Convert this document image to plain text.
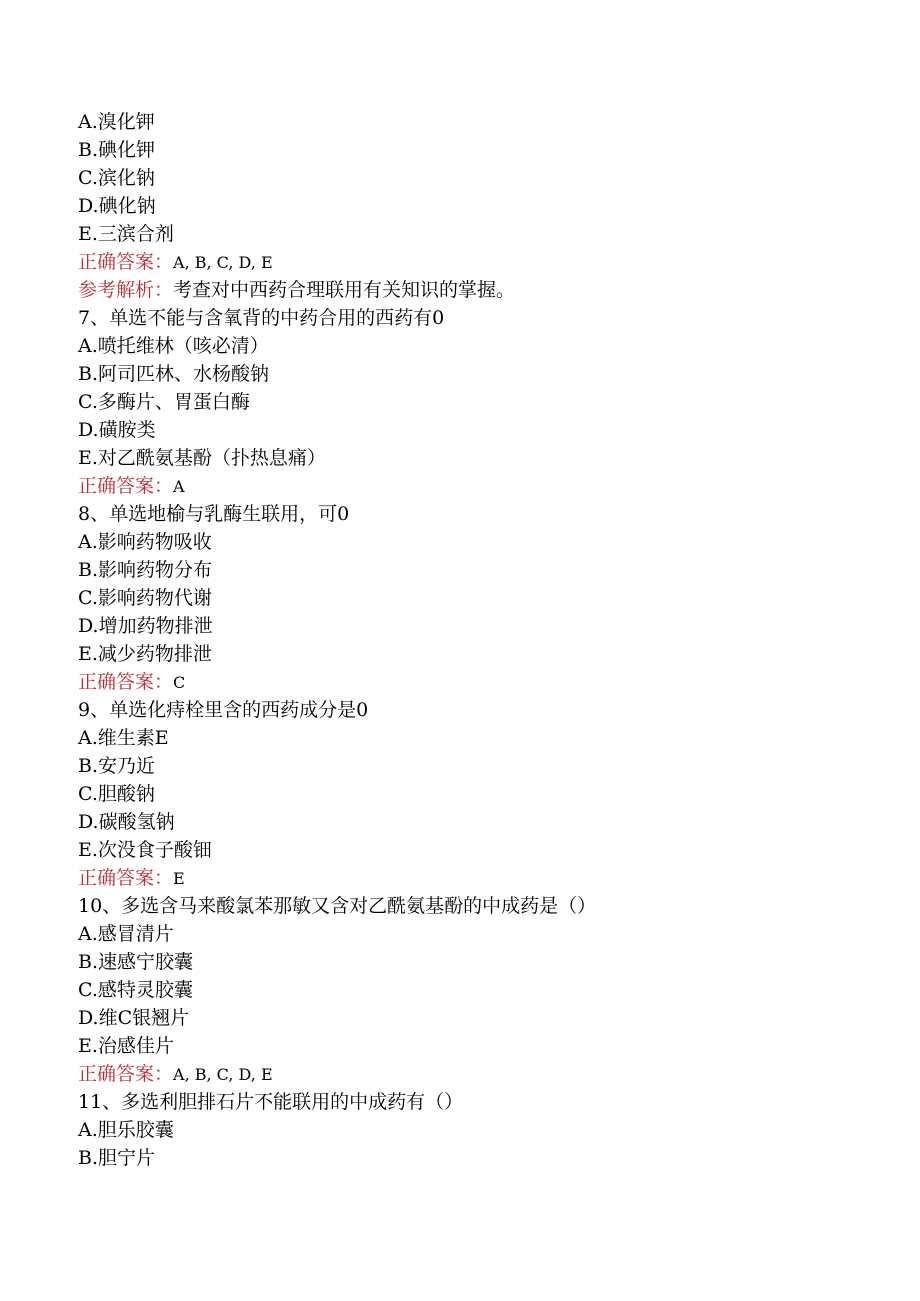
A.溴化钾
B.碘化钾
C.滨化钠
D.碘化钠
E.三滨合剂
正确答案：A, B, C, D, E
参考解析：考查对中西药合理联用有关知识的掌握。
7、单选不能与含氧背的中药合用的西药有0
A.喷托维林（咳必清）
B.阿司匹林、水杨酸钠
C.多酶片、胃蛋白酶
D.磺胺类
E.对乙酰氨基酚（扑热息痛）
正确答案：A
8、单选地榆与乳酶生联用，可0
A.影响药物吸收
B.影响药物分布
C.影响药物代谢
D.增加药物排泄
E.减少药物排泄
正确答案：C
9、单选化痔栓里含的西药成分是0
A.维生素E
B.安乃近
C.胆酸钠
D.碳酸氢钠
E.次没食子酸钿
正确答案：E
10、多选含马来酸氯苯那敏又含对乙酰氨基酚的中成药是（）
A.感冒清片
B.速感宁胶囊
C.感特灵胶囊
D.维C银翘片
E.治感佳片
正确答案：A, B, C, D, E
11、多选利胆排石片不能联用的中成药有（）
A.胆乐胶囊
B.胆宁片
